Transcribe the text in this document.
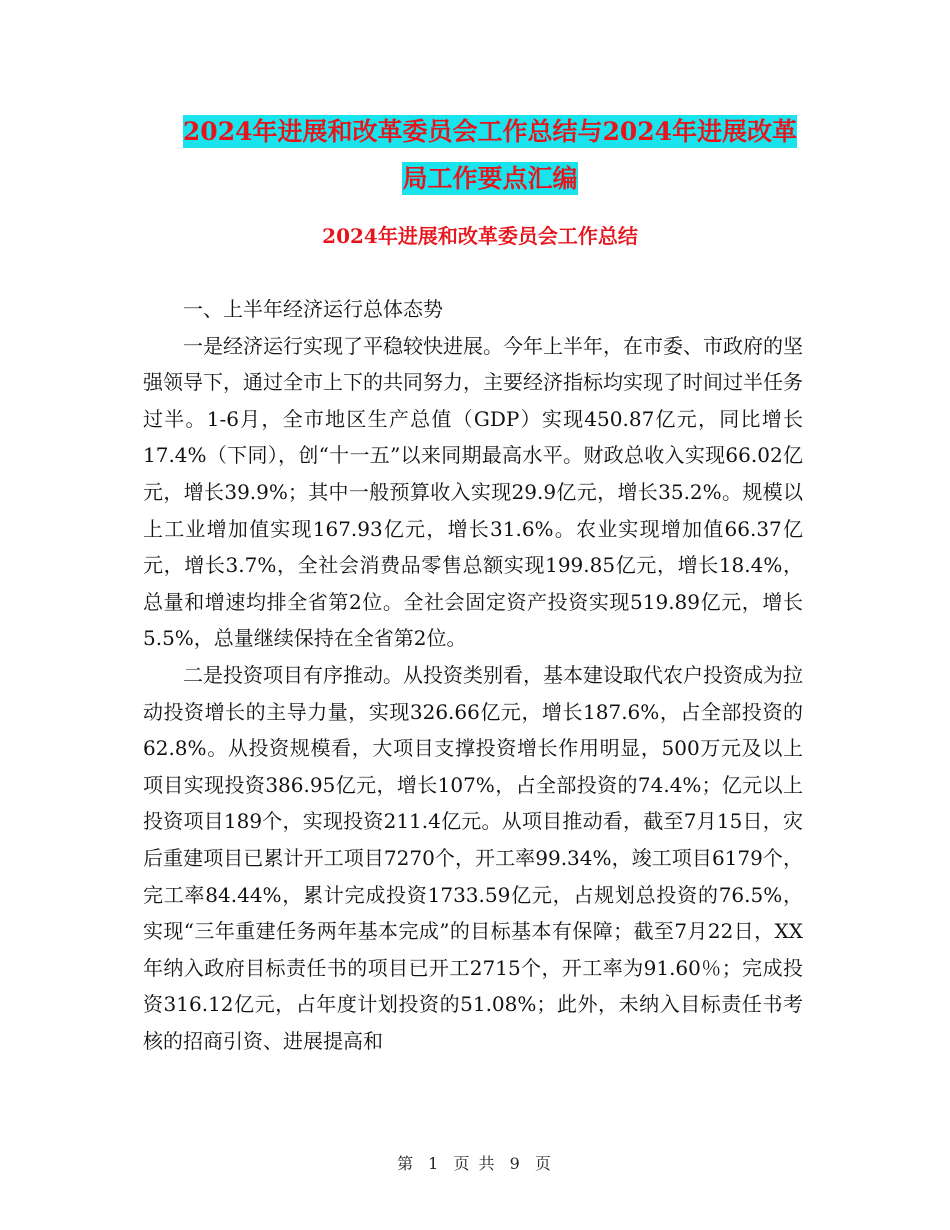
2024年进展和改革委员会工作总结与2024年进展改革
局工作要点汇编
2024年进展和改革委员会工作总结

一、上半年经济运行总体态势

一是经济运行实现了平稳较快进展。今年上半年，在市委、市政府的坚强领导下，通过全市上下的共同努力，主要经济指标均实现了时间过半任务过半。1-6月，全市地区生产总值（GDP）实现450.87亿元，同比增长17.4%（下同），创“十一五”以来同期最高水平。财政总收入实现66.02亿元，增长39.9%；其中一般预算收入实现29.9亿元，增长35.2%。规模以上工业增加值实现167.93亿元，增长31.6%。农业实现增加值66.37亿元，增长3.7%，全社会消费品零售总额实现199.85亿元，增长18.4%，总量和增速均排全省第2位。全社会固定资产投资实现519.89亿元，增长5.5%，总量继续保持在全省第2位。

二是投资项目有序推动。从投资类别看，基本建设取代农户投资成为拉动投资增长的主导力量，实现326.66亿元，增长187.6%，占全部投资的62.8%。从投资规模看，大项目支撑投资增长作用明显，500万元及以上项目实现投资386.95亿元，增长107%，占全部投资的74.4%；亿元以上投资项目189个，实现投资211.4亿元。从项目推动看，截至7月15日，灾后重建项目已累计开工项目7270个，开工率99.34%，竣工项目6179个，完工率84.44%，累计完成投资1733.59亿元，占规划总投资的76.5%，实现“三年重建任务两年基本完成”的目标基本有保障；截至7月22日，XX年纳入政府目标责任书的项目已开工2715个，开工率为91.60％；完成投资316.12亿元，占年度计划投资的51.08%；此外，未纳入目标责任书考核的招商引资、进展提高和

第 1 页 共 9 页
